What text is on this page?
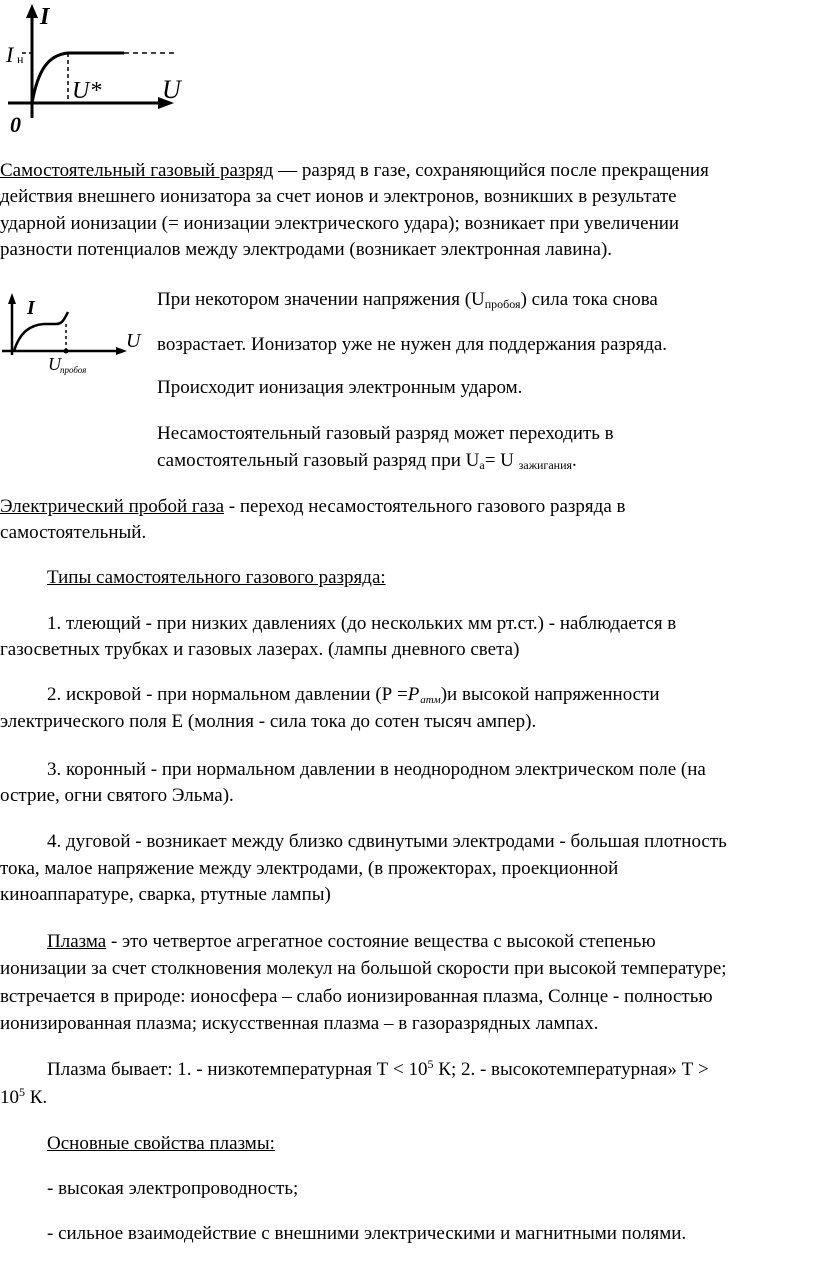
I
I н
U* U
0
Самостоятельный газовый разряд — разряд в газе, сохраняющийся после прекращения
действия внешнего ионизатора за счет ионов и электронов, возникших в результате
ударной ионизации (= ионизации электрического удара); возникает при увеличении
разности потенциалов между электродами (возникает электронная лавина).
I
U
U пробоя
При некотором значении напряжения $(U_{пробоя})$ сила тока снова
возрастает. Ионизатор уже не нужен для поддержания разряда.
Происходит ионизация электронным ударом.
Несамостоятельный газовый разряд может переходить в
самостоятельный газовый разряд при $U_а= U$ $_{зажигания}$.
Электрический пробой газа - переход несамостоятельного газового разряда в
самостоятельный.
Типы самостоятельного газового разряда:
1. тлеющий - при низких давлениях (до нескольких мм рт.ст.) - наблюдается в
газосветных трубках и газовых лазерах. (лампы дневного света)
2. искровой - при нормальном давлении (Р =Р $_{атм}$)и высокой напряженности
электрического поля Е (молния - сила тока до сотен тысяч ампер).
3. коронный - при нормальном давлении в неоднородном электрическом поле (на
острие, огни святого Эльма).
4. дуговой - возникает между близко сдвинутыми электродами - большая плотность
тока, малое напряжение между электродами, (в прожекторах, проекционной
киноаппаратуре, сварка, ртутные лампы)
Плазма - это четвертое агрегатное состояние вещества с высокой степенью
ионизации за счет столкновения молекул на большой скорости при высокой температуре;
встречается в природе: ионосфера – слабо ионизированная плазма, Солнце - полностью
ионизированная плазма; искусственная плазма – в газоразрядных лампах.
Плазма бывает: 1. - низкотемпературная $Т < 10^5$ К; 2. - высокотемпературная» Т >
$10^5$ К.
Основные свойства плазмы:
- высокая электропроводность;
- сильное взаимодействие с внешними электрическими и магнитными полями.
